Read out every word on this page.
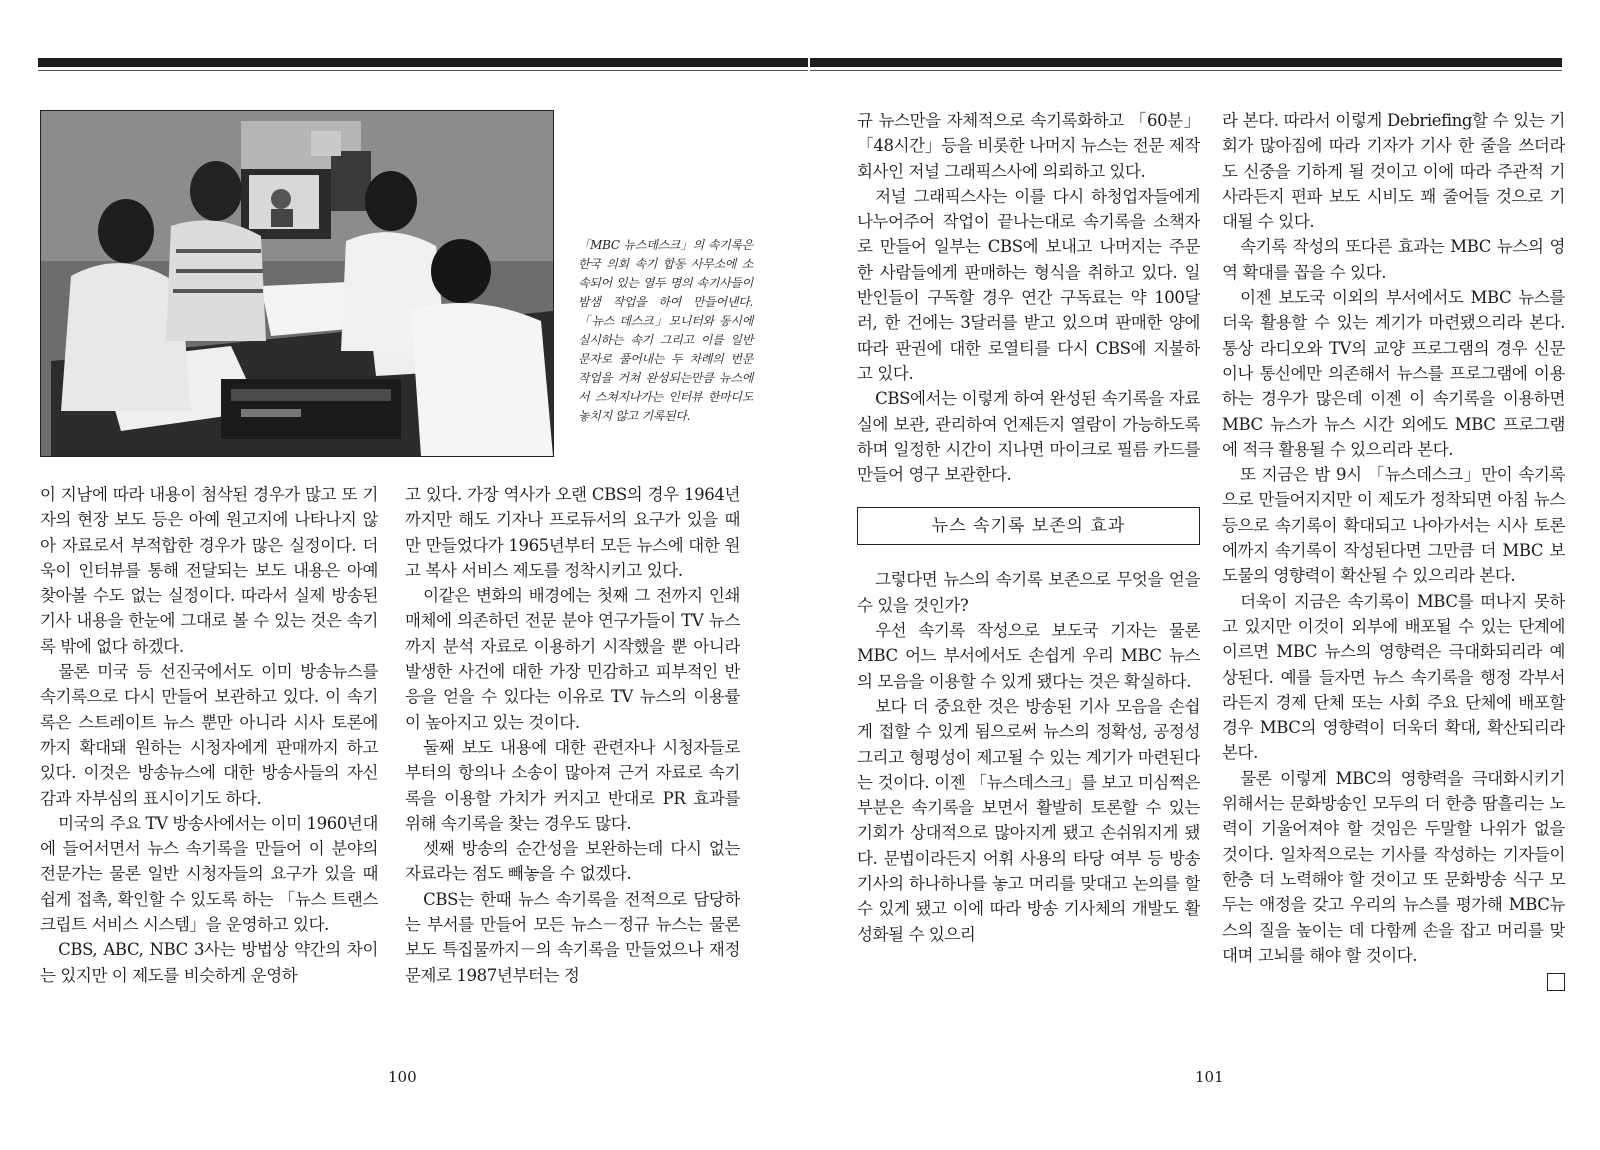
「MBC 뉴스데스크」의 속기록은 한국 의회 속기 합동 사무소에 소속되어 있는 열두 명의 속기사들이 밤샘 작업을 하여 만들어낸다. 「뉴스 데스크」모니터와 동시에 실시하는 속기 그리고 이를 일반 문자로 풀어내는 두 차례의 번문 작업을 거쳐 완성되는만큼 뉴스에서 스쳐지나가는 인터뷰 한마디도 놓치지 않고 기록된다.

이 지남에 따라 내용이 첨삭된 경우가 많고 또 기자의 현장 보도 등은 아예 원고지에 나타나지 않아 자료로서 부적합한 경우가 많은 실정이다. 더욱이 인터뷰를 통해 전달되는 보도 내용은 아예 찾아볼 수도 없는 실정이다. 따라서 실제 방송된 기사 내용을 한눈에 그대로 볼 수 있는 것은 속기록 밖에 없다 하겠다.

물론 미국 등 선진국에서도 이미 방송뉴스를 속기록으로 다시 만들어 보관하고 있다. 이 속기록은 스트레이트 뉴스 뿐만 아니라 시사 토론에까지 확대돼 원하는 시청자에게 판매까지 하고 있다. 이것은 방송뉴스에 대한 방송사들의 자신감과 자부심의 표시이기도 하다.

미국의 주요 TV 방송사에서는 이미 1960년대에 들어서면서 뉴스 속기록을 만들어 이 분야의 전문가는 물론 일반 시청자들의 요구가 있을 때 쉽게 접촉, 확인할 수 있도록 하는 「뉴스 트랜스크립트 서비스 시스템」을 운영하고 있다.

CBS, ABC, NBC 3사는 방법상 약간의 차이는 있지만 이 제도를 비슷하게 운영하

고 있다. 가장 역사가 오랜 CBS의 경우 1964년까지만 해도 기자나 프로듀서의 요구가 있을 때만 만들었다가 1965년부터 모든 뉴스에 대한 원고 복사 서비스 제도를 정착시키고 있다.

이같은 변화의 배경에는 첫째 그 전까지 인쇄 매체에 의존하던 전문 분야 연구가들이 TV 뉴스까지 분석 자료로 이용하기 시작했을 뿐 아니라 발생한 사건에 대한 가장 민감하고 피부적인 반응을 얻을 수 있다는 이유로 TV 뉴스의 이용률이 높아지고 있는 것이다.

둘째 보도 내용에 대한 관련자나 시청자들로부터의 항의나 소송이 많아져 근거 자료로 속기록을 이용할 가치가 커지고 반대로 PR 효과를 위해 속기록을 찾는 경우도 많다.

셋째 방송의 순간성을 보완하는데 다시 없는 자료라는 점도 빼놓을 수 없겠다.

CBS는 한때 뉴스 속기록을 전적으로 담당하는 부서를 만들어 모든 뉴스－정규 뉴스는 물론 보도 특집물까지－의 속기록을 만들었으나 재정 문제로 1987년부터는 정

규 뉴스만을 자체적으로 속기록화하고 「60분」「48시간」등을 비롯한 나머지 뉴스는 전문 제작 회사인 저널 그래픽스사에 의뢰하고 있다.

저널 그래픽스사는 이를 다시 하청업자들에게 나누어주어 작업이 끝나는대로 속기록을 소책자로 만들어 일부는 CBS에 보내고 나머지는 주문한 사람들에게 판매하는 형식을 취하고 있다. 일반인들이 구독할 경우 연간 구독료는 약 100달러, 한 건에는 3달러를 받고 있으며 판매한 양에 따라 판권에 대한 로열티를 다시 CBS에 지불하고 있다.

CBS에서는 이렇게 하여 완성된 속기록을 자료실에 보관, 관리하여 언제든지 열람이 가능하도록 하며 일정한 시간이 지나면 마이크로 필름 카드를 만들어 영구 보관한다.

뉴스 속기록 보존의 효과

그렇다면 뉴스의 속기록 보존으로 무엇을 얻을 수 있을 것인가?

우선 속기록 작성으로 보도국 기자는 물론 MBC 어느 부서에서도 손쉽게 우리 MBC 뉴스의 모음을 이용할 수 있게 됐다는 것은 확실하다.

보다 더 중요한 것은 방송된 기사 모음을 손쉽게 접할 수 있게 됨으로써 뉴스의 정확성, 공정성 그리고 형평성이 제고될 수 있는 계기가 마련된다는 것이다. 이젠 「뉴스데스크」를 보고 미심쩍은 부분은 속기록을 보면서 활발히 토론할 수 있는 기회가 상대적으로 많아지게 됐고 손쉬워지게 됐다. 문법이라든지 어휘 사용의 타당 여부 등 방송 기사의 하나하나를 놓고 머리를 맞대고 논의를 할 수 있게 됐고 이에 따라 방송 기사체의 개발도 활성화될 수 있으리

라 본다. 따라서 이렇게 Debriefing할 수 있는 기회가 많아짐에 따라 기자가 기사 한 줄을 쓰더라도 신중을 기하게 될 것이고 이에 따라 주관적 기사라든지 편파 보도 시비도 꽤 줄어들 것으로 기대될 수 있다.

속기록 작성의 또다른 효과는 MBC 뉴스의 영역 확대를 꼽을 수 있다.

이젠 보도국 이외의 부서에서도 MBC 뉴스를 더욱 활용할 수 있는 계기가 마련됐으리라 본다. 통상 라디오와 TV의 교양 프로그램의 경우 신문이나 통신에만 의존해서 뉴스를 프로그램에 이용하는 경우가 많은데 이젠 이 속기록을 이용하면 MBC 뉴스가 뉴스 시간 외에도 MBC 프로그램에 적극 활용될 수 있으리라 본다.

또 지금은 밤 9시 「뉴스데스크」만이 속기록으로 만들어지지만 이 제도가 정착되면 아침 뉴스 등으로 속기록이 확대되고 나아가서는 시사 토론에까지 속기록이 작성된다면 그만큼 더 MBC 보도물의 영향력이 확산될 수 있으리라 본다.

더욱이 지금은 속기록이 MBC를 떠나지 못하고 있지만 이것이 외부에 배포될 수 있는 단계에 이르면 MBC 뉴스의 영향력은 극대화되리라 예상된다. 예를 들자면 뉴스 속기록을 행정 각부서라든지 경제 단체 또는 사회 주요 단체에 배포할 경우 MBC의 영향력이 더욱더 확대, 확산되리라 본다.

물론 이렇게 MBC의 영향력을 극대화시키기 위해서는 문화방송인 모두의 더 한층 땀흘리는 노력이 기울어져야 할 것임은 두말할 나위가 없을 것이다. 일차적으로는 기사를 작성하는 기자들이 한층 더 노력해야 할 것이고 또 문화방송 식구 모두는 애정을 갖고 우리의 뉴스를 평가해 MBC뉴스의 질을 높이는 데 다함께 손을 잡고 머리를 맞대며 고뇌를 해야 할 것이다.

100	101
